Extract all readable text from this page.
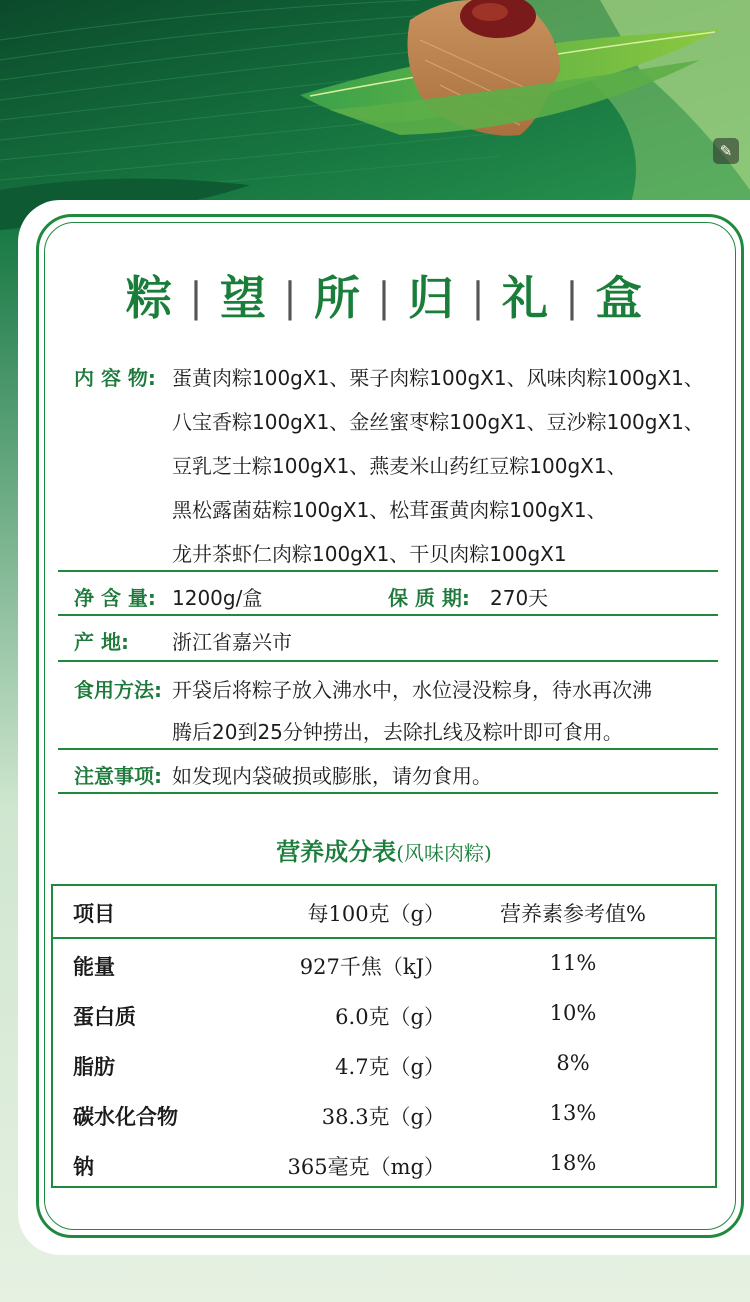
✎
粽 | 望 | 所 | 归 | 礼 | 盒
内 容 物: 蛋黄肉粽100gX1、栗子肉粽100gX1、风味肉粽100gX1、
八宝香粽100gX1、金丝蜜枣粽100gX1、豆沙粽100gX1、
豆乳芝士粽100gX1、燕麦米山药红豆粽100gX1、
黑松露菌菇粽100gX1、松茸蛋黄肉粽100gX1、
龙井茶虾仁肉粽100gX1、干贝肉粽100gX1
净 含 量: 1200g/盒	保 质 期: 270天
产 地: 浙江省嘉兴市
食用方法: 开袋后将粽子放入沸水中，水位浸没粽身，待水再次沸
腾后20到25分钟捞出，去除扎线及粽叶即可食用。
注意事项: 如发现内袋破损或膨胀，请勿食用。
营养成分表(风味肉粽)
项目	每100克（g）	营养素参考值%
能量	927千焦（kJ）	11%
蛋白质	6.0克（g）	10%
脂肪	4.7克（g）	8%
碳水化合物	38.3克（g）	13%
钠	365毫克（mg）	18%
